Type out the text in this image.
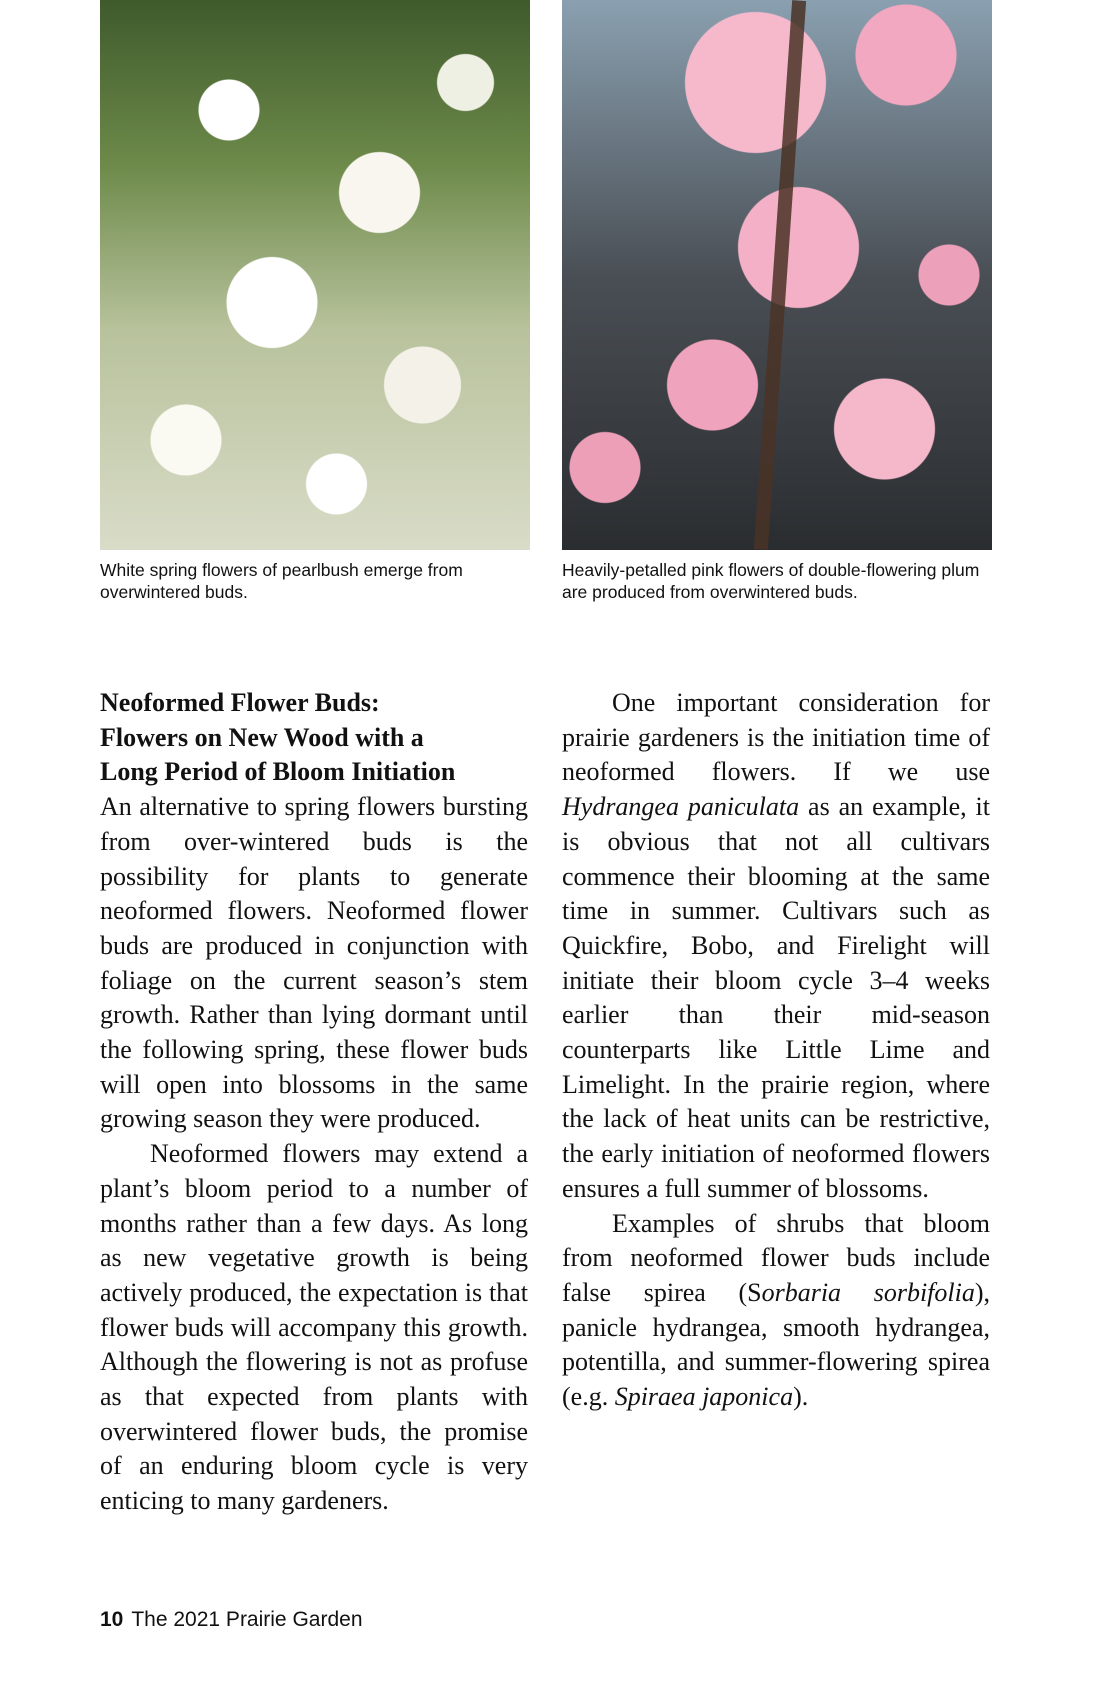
White spring flowers of pearlbush emerge from overwintered buds.
Heavily-petalled pink flowers of double-flowering plum are produced from overwintered buds.
Neoformed Flower Buds:
Flowers on New Wood with a
Long Period of Bloom Initiation

An alternative to spring flowers bursting from over-wintered buds is the possibility for plants to generate neoformed flowers. Neoformed flower buds are produced in conjunction with foliage on the current season’s stem growth. Rather than lying dormant until the following spring, these flower buds will open into blossoms in the same growing season they were produced.

Neoformed flowers may extend a plant’s bloom period to a number of months rather than a few days. As long as new vegetative growth is being actively produced, the expectation is that flower buds will accompany this growth. Although the flowering is not as profuse as that expected from plants with overwintered flower buds, the promise of an enduring bloom cycle is very enticing to many gardeners.

One important consideration for prairie gardeners is the initiation time of neoformed flowers. If we use Hydrangea paniculata as an example, it is obvious that not all cultivars commence their blooming at the same time in summer. Cultivars such as Quickfire, Bobo, and Firelight will initiate their bloom cycle 3–4 weeks earlier than their mid-season counterparts like Little Lime and Limelight. In the prairie region, where the lack of heat units can be restrictive, the early initiation of neoformed flowers ensures a full summer of blossoms.

Examples of shrubs that bloom from neoformed flower buds include false spirea (Sorbaria sorbifolia), panicle hydrangea, smooth hydrangea, potentilla, and summer-flowering spirea (e.g. Spiraea japonica).

10 The 2021 Prairie Garden
